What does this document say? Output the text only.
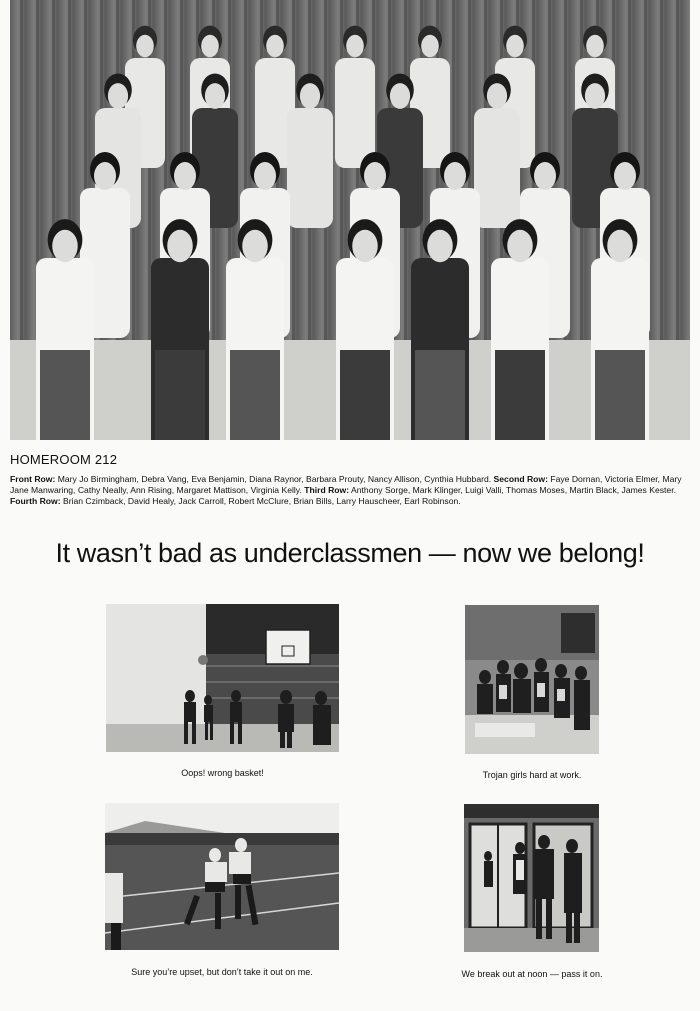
HOMEROOM 212
Front Row: Mary Jo Birmingham, Debra Vang, Eva Benjamin, Diana Raynor, Barbara Prouty, Nancy Allison, Cynthia Hubbard. Second Row: Faye Dornan, Victoria Elmer, Mary Jane Manwaring, Cathy Neally, Ann Rising, Margaret Mattison, Virginia Kelly. Third Row: Anthony Sorge, Mark Klinger, Luigi Valli, Thomas Moses, Martin Black, James Kester. Fourth Row: Brian Czimback, David Healy, Jack Carroll, Robert McClure, Brian Bills, Larry Hauscheer, Earl Robinson.
It wasn’t bad as underclassmen — now we belong!
Oops! wrong basket!	Trojan girls hard at work.
Sure you’re upset, but don’t take it out on me.	We break out at noon — pass it on.
